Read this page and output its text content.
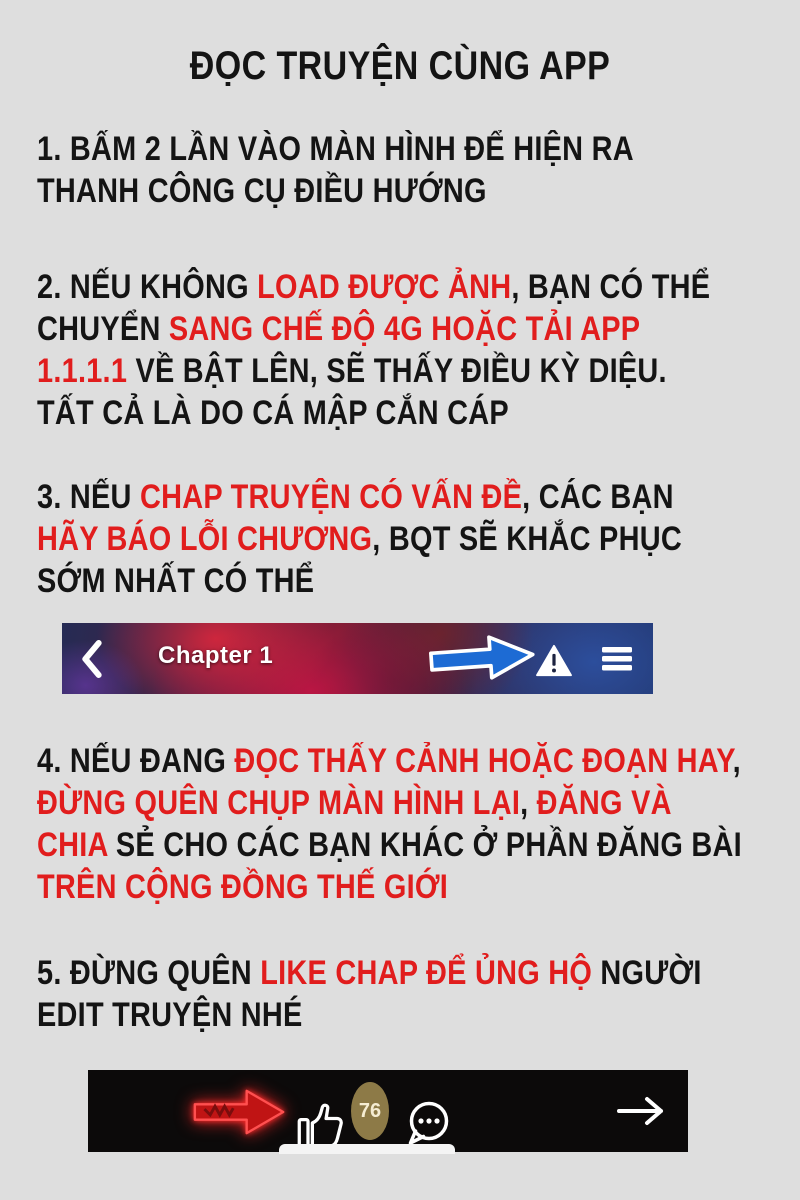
ĐỌC TRUYỆN CÙNG APP
1. BẤM 2 LẦN VÀO MÀN HÌNH ĐỂ HIỆN RA
THANH CÔNG CỤ ĐIỀU HƯỚNG
2. NẾU KHÔNG LOAD ĐƯỢC ẢNH, BẠN CÓ THỂ
CHUYỂN SANG CHẾ ĐỘ 4G HOẶC TẢI APP
1.1.1.1 VỀ BẬT LÊN, SẼ THẤY ĐIỀU KỲ DIỆU.
TẤT CẢ LÀ DO CÁ MẬP CẮN CÁP
3. NẾU CHAP TRUYỆN CÓ VẤN ĐỀ, CÁC BẠN
HÃY BÁO LỖI CHƯƠNG, BQT SẼ KHẮC PHỤC
SỚM NHẤT CÓ THỂ
4. NẾU ĐANG ĐỌC THẤY CẢNH HOẶC ĐOẠN HAY,
ĐỪNG QUÊN CHỤP MÀN HÌNH LẠI, ĐĂNG VÀ
CHIA SẺ CHO CÁC BẠN KHÁC Ở PHẦN ĐĂNG BÀI
TRÊN CỘNG ĐỒNG THẾ GIỚI
5. ĐỪNG QUÊN LIKE CHAP ĐỂ ỦNG HỘ NGƯỜI
EDIT TRUYỆN NHÉ
Chapter 1
76
